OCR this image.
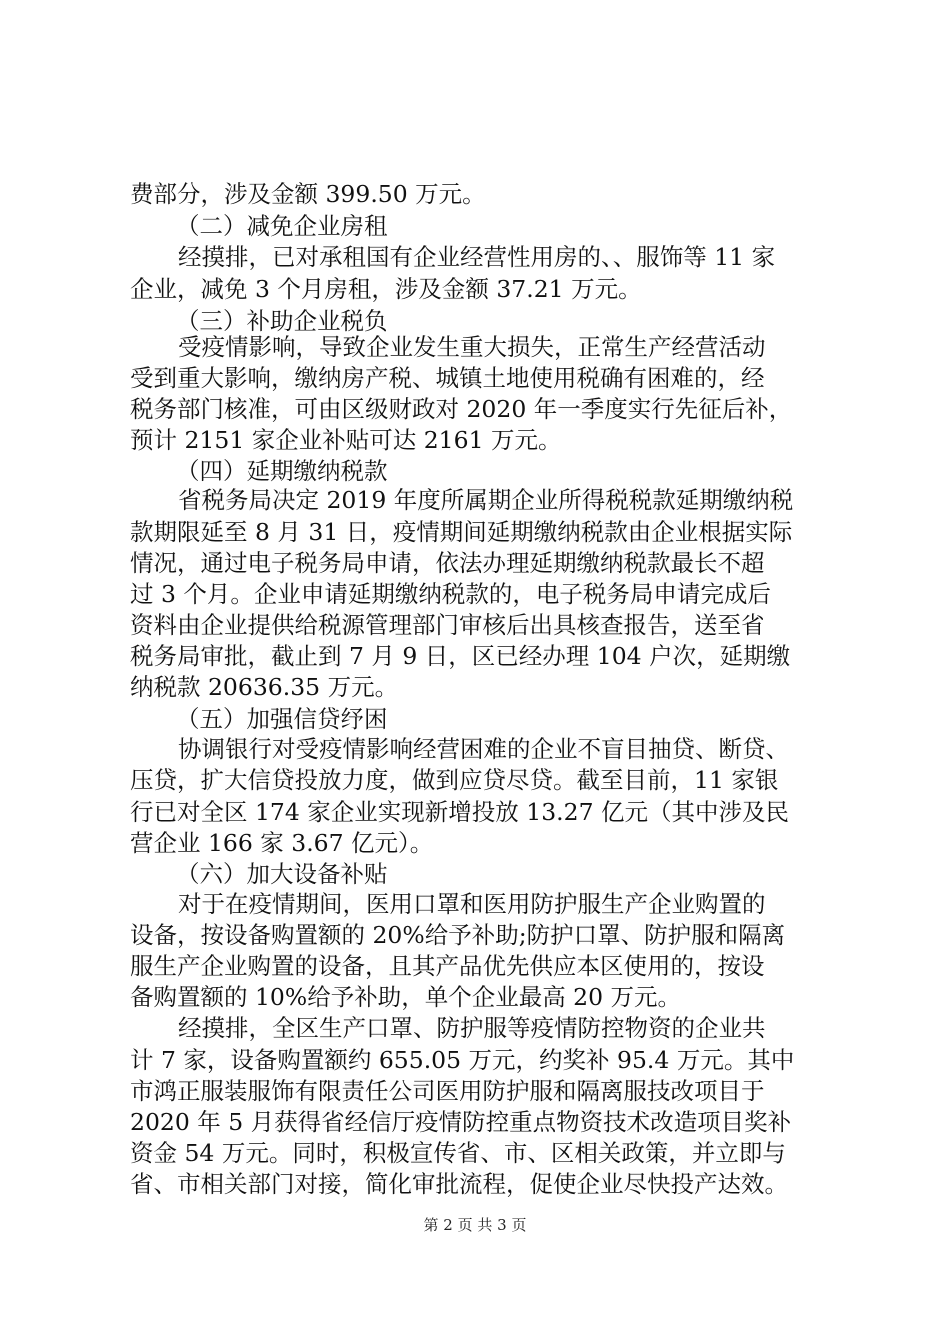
费部分，涉及金额 399.50 万元。

（二）减免企业房租

经摸排，已对承租国有企业经营性用房的、、服饰等 11 家

企业，减免 3 个月房租，涉及金额 37.21 万元。

（三）补助企业税负

受疫情影响，导致企业发生重大损失，正常生产经营活动

受到重大影响，缴纳房产税、城镇土地使用税确有困难的，经

税务部门核准，可由区级财政对 2020 年一季度实行先征后补，

预计 2151 家企业补贴可达 2161 万元。

（四）延期缴纳税款

省税务局决定 2019 年度所属期企业所得税税款延期缴纳税

款期限延至 8 月 31 日，疫情期间延期缴纳税款由企业根据实际

情况，通过电子税务局申请，依法办理延期缴纳税款最长不超

过 3 个月。企业申请延期缴纳税款的，电子税务局申请完成后

资料由企业提供给税源管理部门审核后出具核查报告，送至省

税务局审批，截止到 7 月 9 日，区已经办理 104 户次，延期缴

纳税款 20636.35 万元。

（五）加强信贷纾困

协调银行对受疫情影响经营困难的企业不盲目抽贷、断贷、

压贷，扩大信贷投放力度，做到应贷尽贷。截至目前，11 家银

行已对全区 174 家企业实现新增投放 13.27 亿元（其中涉及民

营企业 166 家 3.67 亿元）。

（六）加大设备补贴

对于在疫情期间，医用口罩和医用防护服生产企业购置的

设备，按设备购置额的 20%给予补助;防护口罩、防护服和隔离

服生产企业购置的设备，且其产品优先供应本区使用的，按设

备购置额的 10%给予补助，单个企业最高 20 万元。

经摸排，全区生产口罩、防护服等疫情防控物资的企业共

计 7 家，设备购置额约 655.05 万元，约奖补 95.4 万元。其中

市鸿正服装服饰有限责任公司医用防护服和隔离服技改项目于

2020 年 5 月获得省经信厅疫情防控重点物资技术改造项目奖补

资金 54 万元。同时，积极宣传省、市、区相关政策，并立即与

省、市相关部门对接，简化审批流程，促使企业尽快投产达效。

第 2 页 共 3 页
